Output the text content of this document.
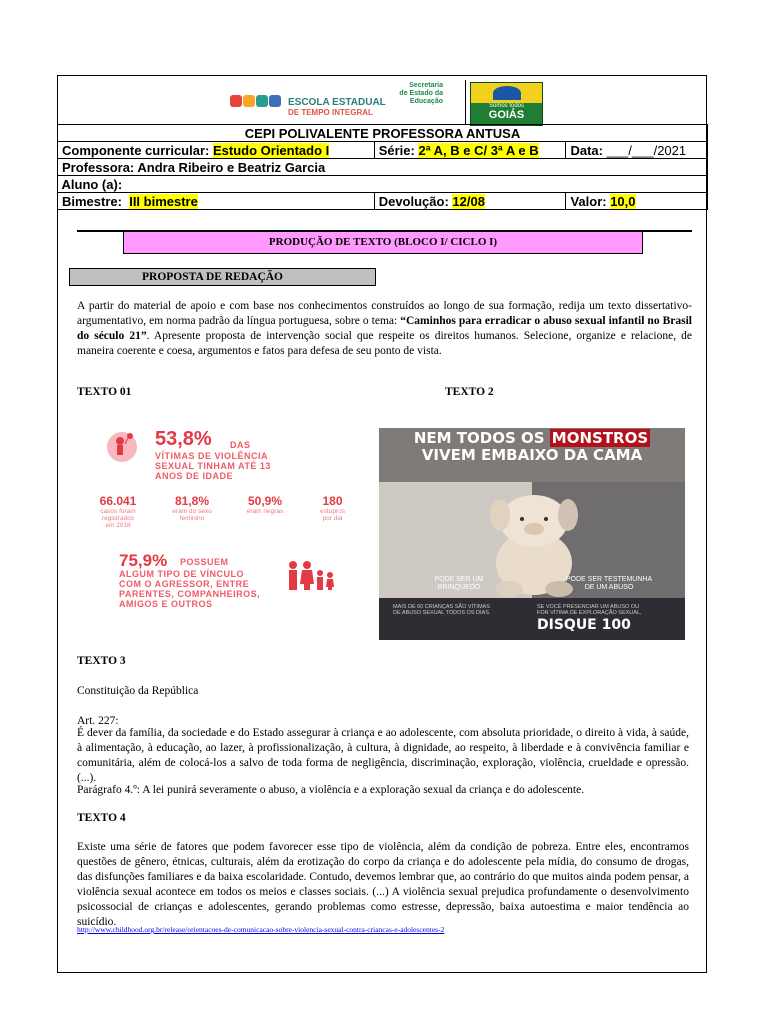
ESCOLA ESTADUAL
DE TEMPO INTEGRAL
Secretaria
de Estado da
Educação
Somos todos
GOIÁS
CEPI POLIVALENTE PROFESSORA ANTUSA		
Componente curricular: Estudo Orientado I	Série: 2ª A, B e C/ 3ª A e B	Data: ___/___/2021
Professora: Andra Ribeiro e Beatriz Garcia		
Aluno (a):		
Bimestre: III bimestre	Devolução: 12/08	Valor: 10,0
PRODUÇÃO DE TEXTO (BLOCO I/ CICLO I)
PROPOSTA DE REDAÇÃO
A partir do material de apoio e com base nos conhecimentos construídos ao longo de sua formação, redija um texto dissertativo-argumentativo, em norma padrão da língua portuguesa, sobre o tema: “Caminhos para erradicar o abuso sexual infantil no Brasil do século 21”. Apresente proposta de intervenção social que respeite os direitos humanos. Selecione, organize e relacione, de maneira coerente e coesa, argumentos e fatos para defesa de seu ponto de vista.
TEXTO 01	TEXTO 2
53,8% DAS
VÍTIMAS DE VIOLÊNCIA
SEXUAL TINHAM ATÉ 13
ANOS DE IDADE
66.041
casos foram
registrados
em 2018
81,8%
eram do sexo
feminino
50,9%
eram negras
180
estupros
por dia
75,9% POSSUEM
ALGUM TIPO DE VÍNCULO
COM O AGRESSOR, ENTRE
PARENTES, COMPANHEIROS,
AMIGOS E OUTROS
NEM TODOS OS MONSTROS
VIVEM EMBAIXO DA CAMA
PODE SER UM
BRINQUEDO
PODE SER TESTEMUNHA
DE UM ABUSO
MAIS DE 60 CRIANÇAS SÃO VÍTIMAS
DE ABUSO SEXUAL TODOS OS DIAS.
SE VOCÊ PRESENCIAR UM ABUSO OU
FOR VÍTIMA DE EXPLORAÇÃO SEXUAL,
DISQUE 100
TEXTO 3
Constituição da República
Art. 227:
É dever da família, da sociedade e do Estado assegurar à criança e ao adolescente, com absoluta prioridade, o direito à vida, à saúde, à alimentação, à educação, ao lazer, à profissionalização, à cultura, à dignidade, ao respeito, à liberdade e à convivência familiar e comunitária, além de colocá-los a salvo de toda forma de negligência, discriminação, exploração, violência, crueldade e opressão. (...).
Parágrafo 4.º: A lei punirá severamente o abuso, a violência e a exploração sexual da criança e do adolescente.
TEXTO 4
Existe uma série de fatores que podem favorecer esse tipo de violência, além da condição de pobreza. Entre eles, encontramos questões de gênero, étnicas, culturais, além da erotização do corpo da criança e do adolescente pela mídia, do consumo de drogas, das disfunções familiares e da baixa escolaridade. Contudo, devemos lembrar que, ao contrário do que muitos ainda podem pensar, a violência sexual acontece em todos os meios e classes sociais. (...) A violência sexual prejudica profundamente o desenvolvimento psicossocial de crianças e adolescentes, gerando problemas como estresse, depressão, baixa autoestima e maior tendência ao suicídio.
http://www.childhood.org.br/release/orientacoes-de-comunicacao-sobre-violencia-sexual-contra-criancas-e-adolescentes-2
